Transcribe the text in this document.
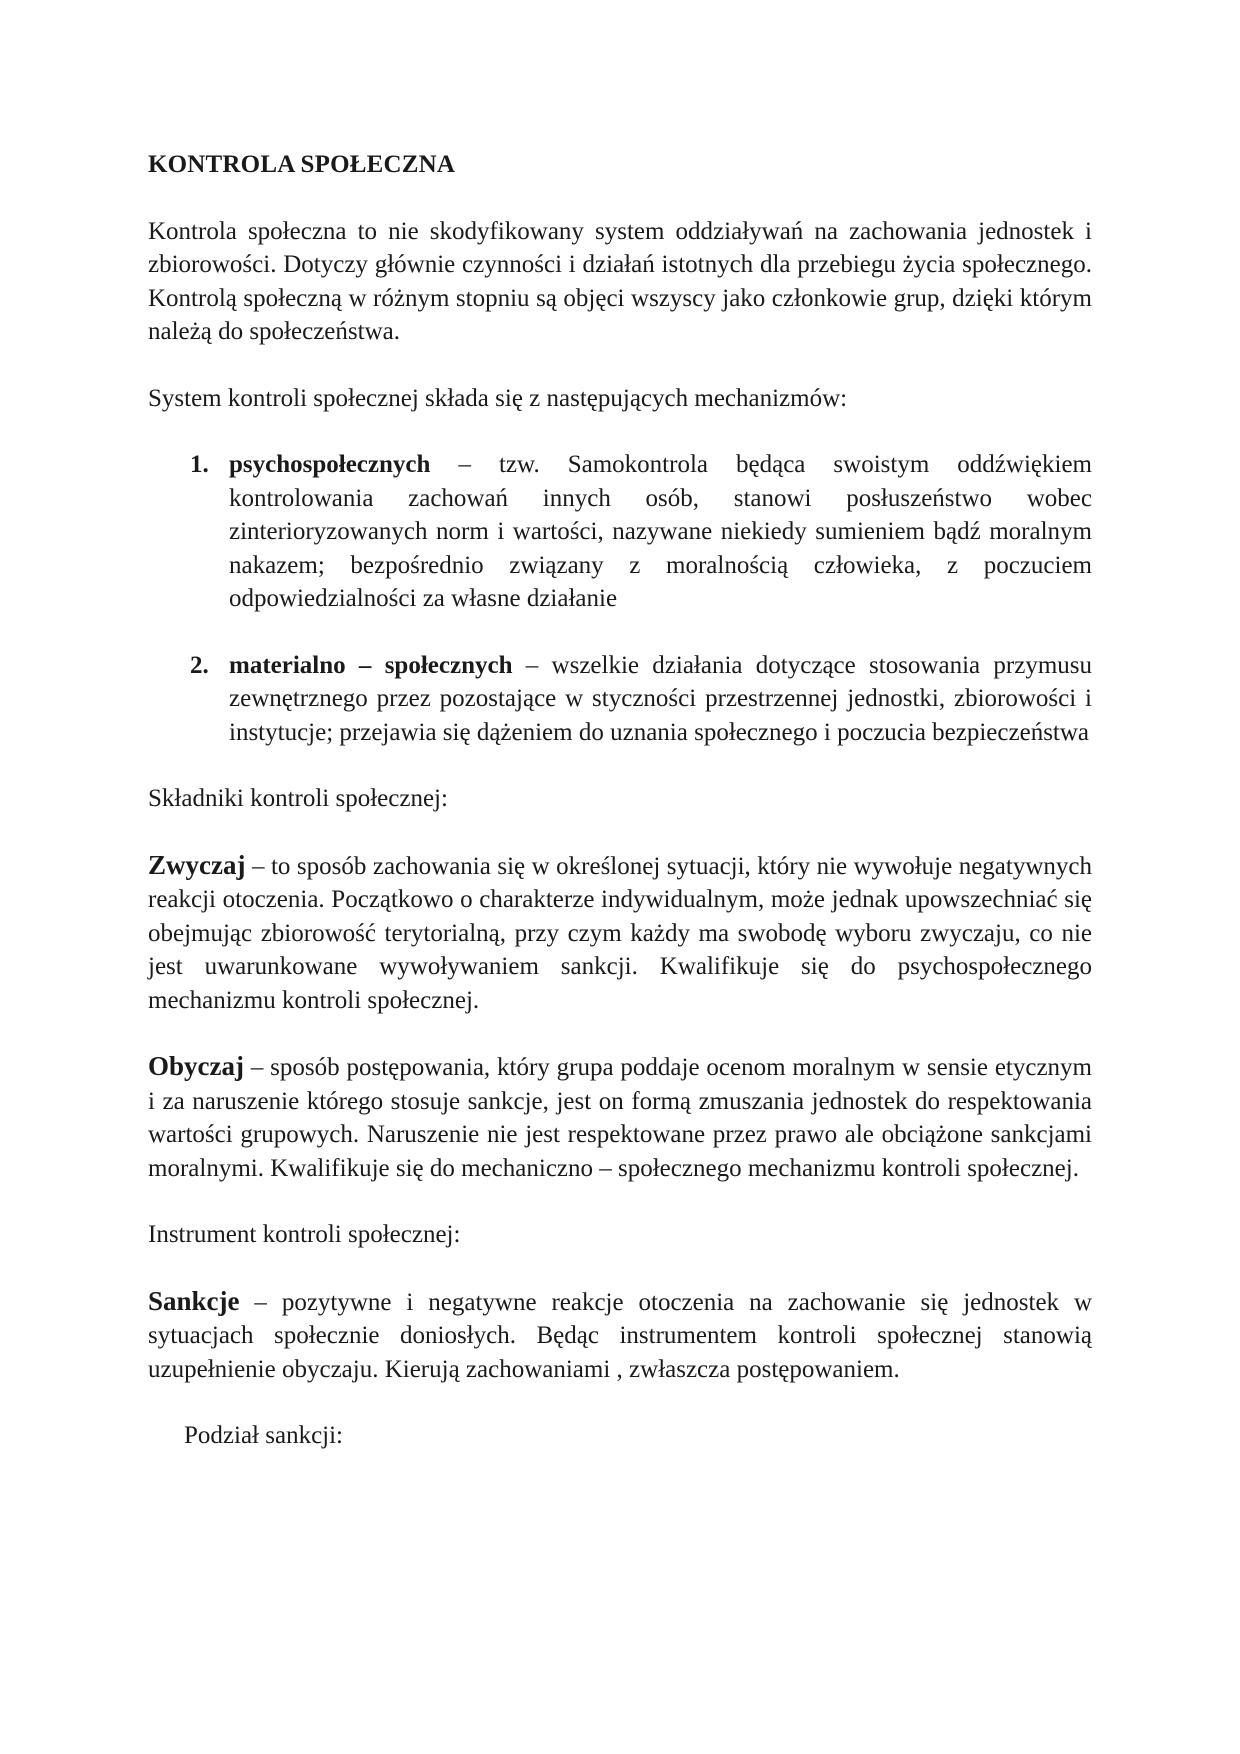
KONTROLA SPOŁECZNA

Kontrola społeczna to nie skodyfikowany system oddziaływań na zachowania jednostek i zbiorowości. Dotyczy głównie czynności i działań istotnych dla przebiegu życia społecznego. Kontrolą społeczną w różnym stopniu są objęci wszyscy jako członkowie grup, dzięki którym należą do społeczeństwa.

System kontroli społecznej składa się z następujących mechanizmów:

1. psychospołecznych – tzw. Samokontrola będąca swoistym oddźwiękiem kontrolowania zachowań innych osób, stanowi posłuszeństwo wobec zinterioryzowanych norm i wartości, nazywane niekiedy sumieniem bądź moralnym nakazem; bezpośrednio związany z moralnością człowieka, z poczuciem odpowiedzialności za własne działanie
2. materialno – społecznych – wszelkie działania dotyczące stosowania przymusu zewnętrznego przez pozostające w styczności przestrzennej jednostki, zbiorowości i instytucje; przejawia się dążeniem do uznania społecznego i poczucia bezpieczeństwa

Składniki kontroli społecznej:

Zwyczaj – to sposób zachowania się w określonej sytuacji, który nie wywołuje negatywnych reakcji otoczenia. Początkowo o charakterze indywidualnym, może jednak upowszechniać się obejmując zbiorowość terytorialną, przy czym każdy ma swobodę wyboru zwyczaju, co nie jest uwarunkowane wywoływaniem sankcji. Kwalifikuje się do psychospołecznego mechanizmu kontroli społecznej.

Obyczaj – sposób postępowania, który grupa poddaje ocenom moralnym w sensie etycznym i za naruszenie którego stosuje sankcje, jest on formą zmuszania jednostek do respektowania wartości grupowych. Naruszenie nie jest respektowane przez prawo ale obciążone sankcjami moralnymi. Kwalifikuje się do mechaniczno – społecznego mechanizmu kontroli społecznej.

Instrument kontroli społecznej:

Sankcje – pozytywne i negatywne reakcje otoczenia na zachowanie się jednostek w sytuacjach społecznie doniosłych. Będąc instrumentem kontroli społecznej stanowią uzupełnienie obyczaju. Kierują zachowaniami , zwłaszcza postępowaniem.

Podział sankcji:
